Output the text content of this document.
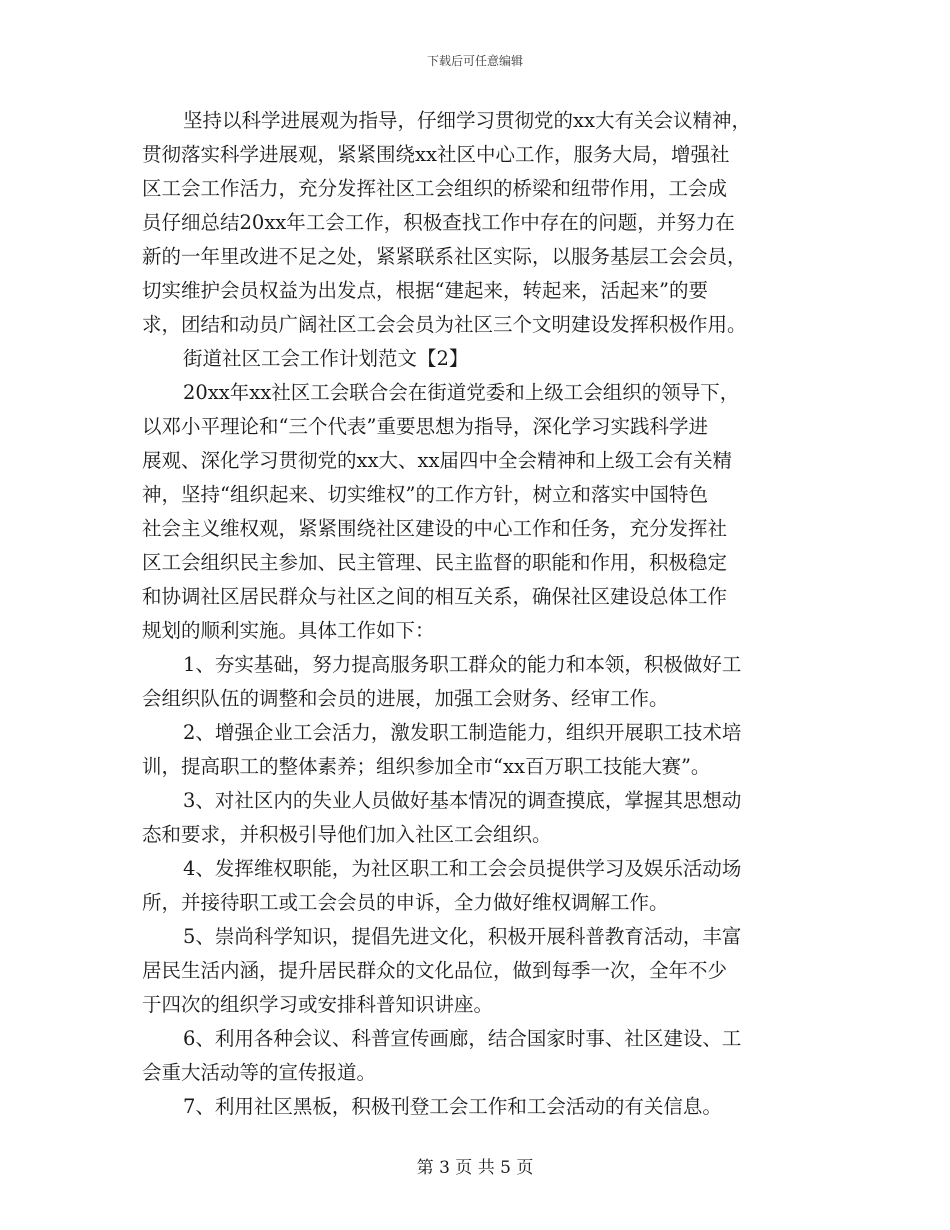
下载后可任意编辑
坚持以科学进展观为指导，仔细学习贯彻党的xx大有关会议精神，
贯彻落实科学进展观，紧紧围绕xx社区中心工作，服务大局，增强社
区工会工作活力，充分发挥社区工会组织的桥梁和纽带作用，工会成
员仔细总结20xx年工会工作，积极查找工作中存在的问题，并努力在
新的一年里改进不足之处，紧紧联系社区实际，以服务基层工会会员，
切实维护会员权益为出发点，根据“建起来，转起来，活起来”的要
求，团结和动员广阔社区工会会员为社区三个文明建设发挥积极作用。
街道社区工会工作计划范文【2】
20xx年xx社区工会联合会在街道党委和上级工会组织的领导下，
以邓小平理论和“三个代表”重要思想为指导，深化学习实践科学进
展观、深化学习贯彻党的xx大、xx届四中全会精神和上级工会有关精
神，坚持“组织起来、切实维权”的工作方针，树立和落实中国特色
社会主义维权观，紧紧围绕社区建设的中心工作和任务，充分发挥社
区工会组织民主参加、民主管理、民主监督的职能和作用，积极稳定
和协调社区居民群众与社区之间的相互关系，确保社区建设总体工作
规划的顺利实施。具体工作如下：
1、夯实基础，努力提高服务职工群众的能力和本领，积极做好工
会组织队伍的调整和会员的进展，加强工会财务、经审工作。
2、增强企业工会活力，激发职工制造能力，组织开展职工技术培
训，提高职工的整体素养；组织参加全市“xx百万职工技能大赛”。
3、对社区内的失业人员做好基本情况的调查摸底，掌握其思想动
态和要求，并积极引导他们加入社区工会组织。
4、发挥维权职能，为社区职工和工会会员提供学习及娱乐活动场
所，并接待职工或工会会员的申诉，全力做好维权调解工作。
5、崇尚科学知识，提倡先进文化，积极开展科普教育活动，丰富
居民生活内涵，提升居民群众的文化品位，做到每季一次，全年不少
于四次的组织学习或安排科普知识讲座。
6、利用各种会议、科普宣传画廊，结合国家时事、社区建设、工
会重大活动等的宣传报道。
7、利用社区黑板，积极刊登工会工作和工会活动的有关信息。
第 3 页 共 5 页
